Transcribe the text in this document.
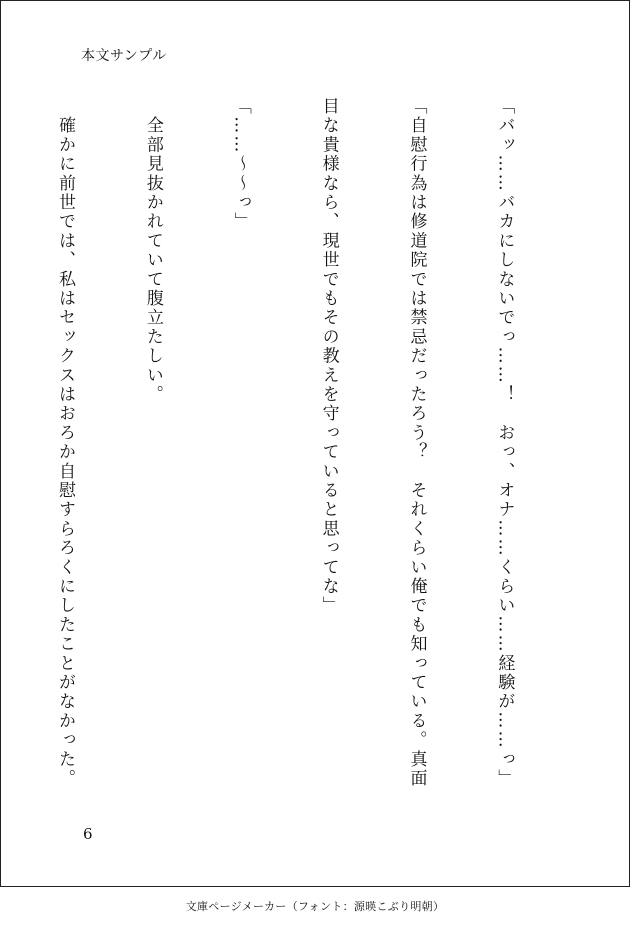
本文サンプル

「バッ……バカにしないでっ……！　おっ、オナ……くらい……経験が……っ」

「自慰行為は修道院では禁忌だったろう？　それくらい俺でも知っている。真面

目な貴様なら、現世でもその教えを守っていると思ってな」

「……〜〜っ」

　全部見抜かれていて腹立たしい。

　確かに前世では、私はセックスはおろか自慰すらろくにしたことがなかった。

6
文庫ページメーカー（フォント：源暎こぶり明朝）
